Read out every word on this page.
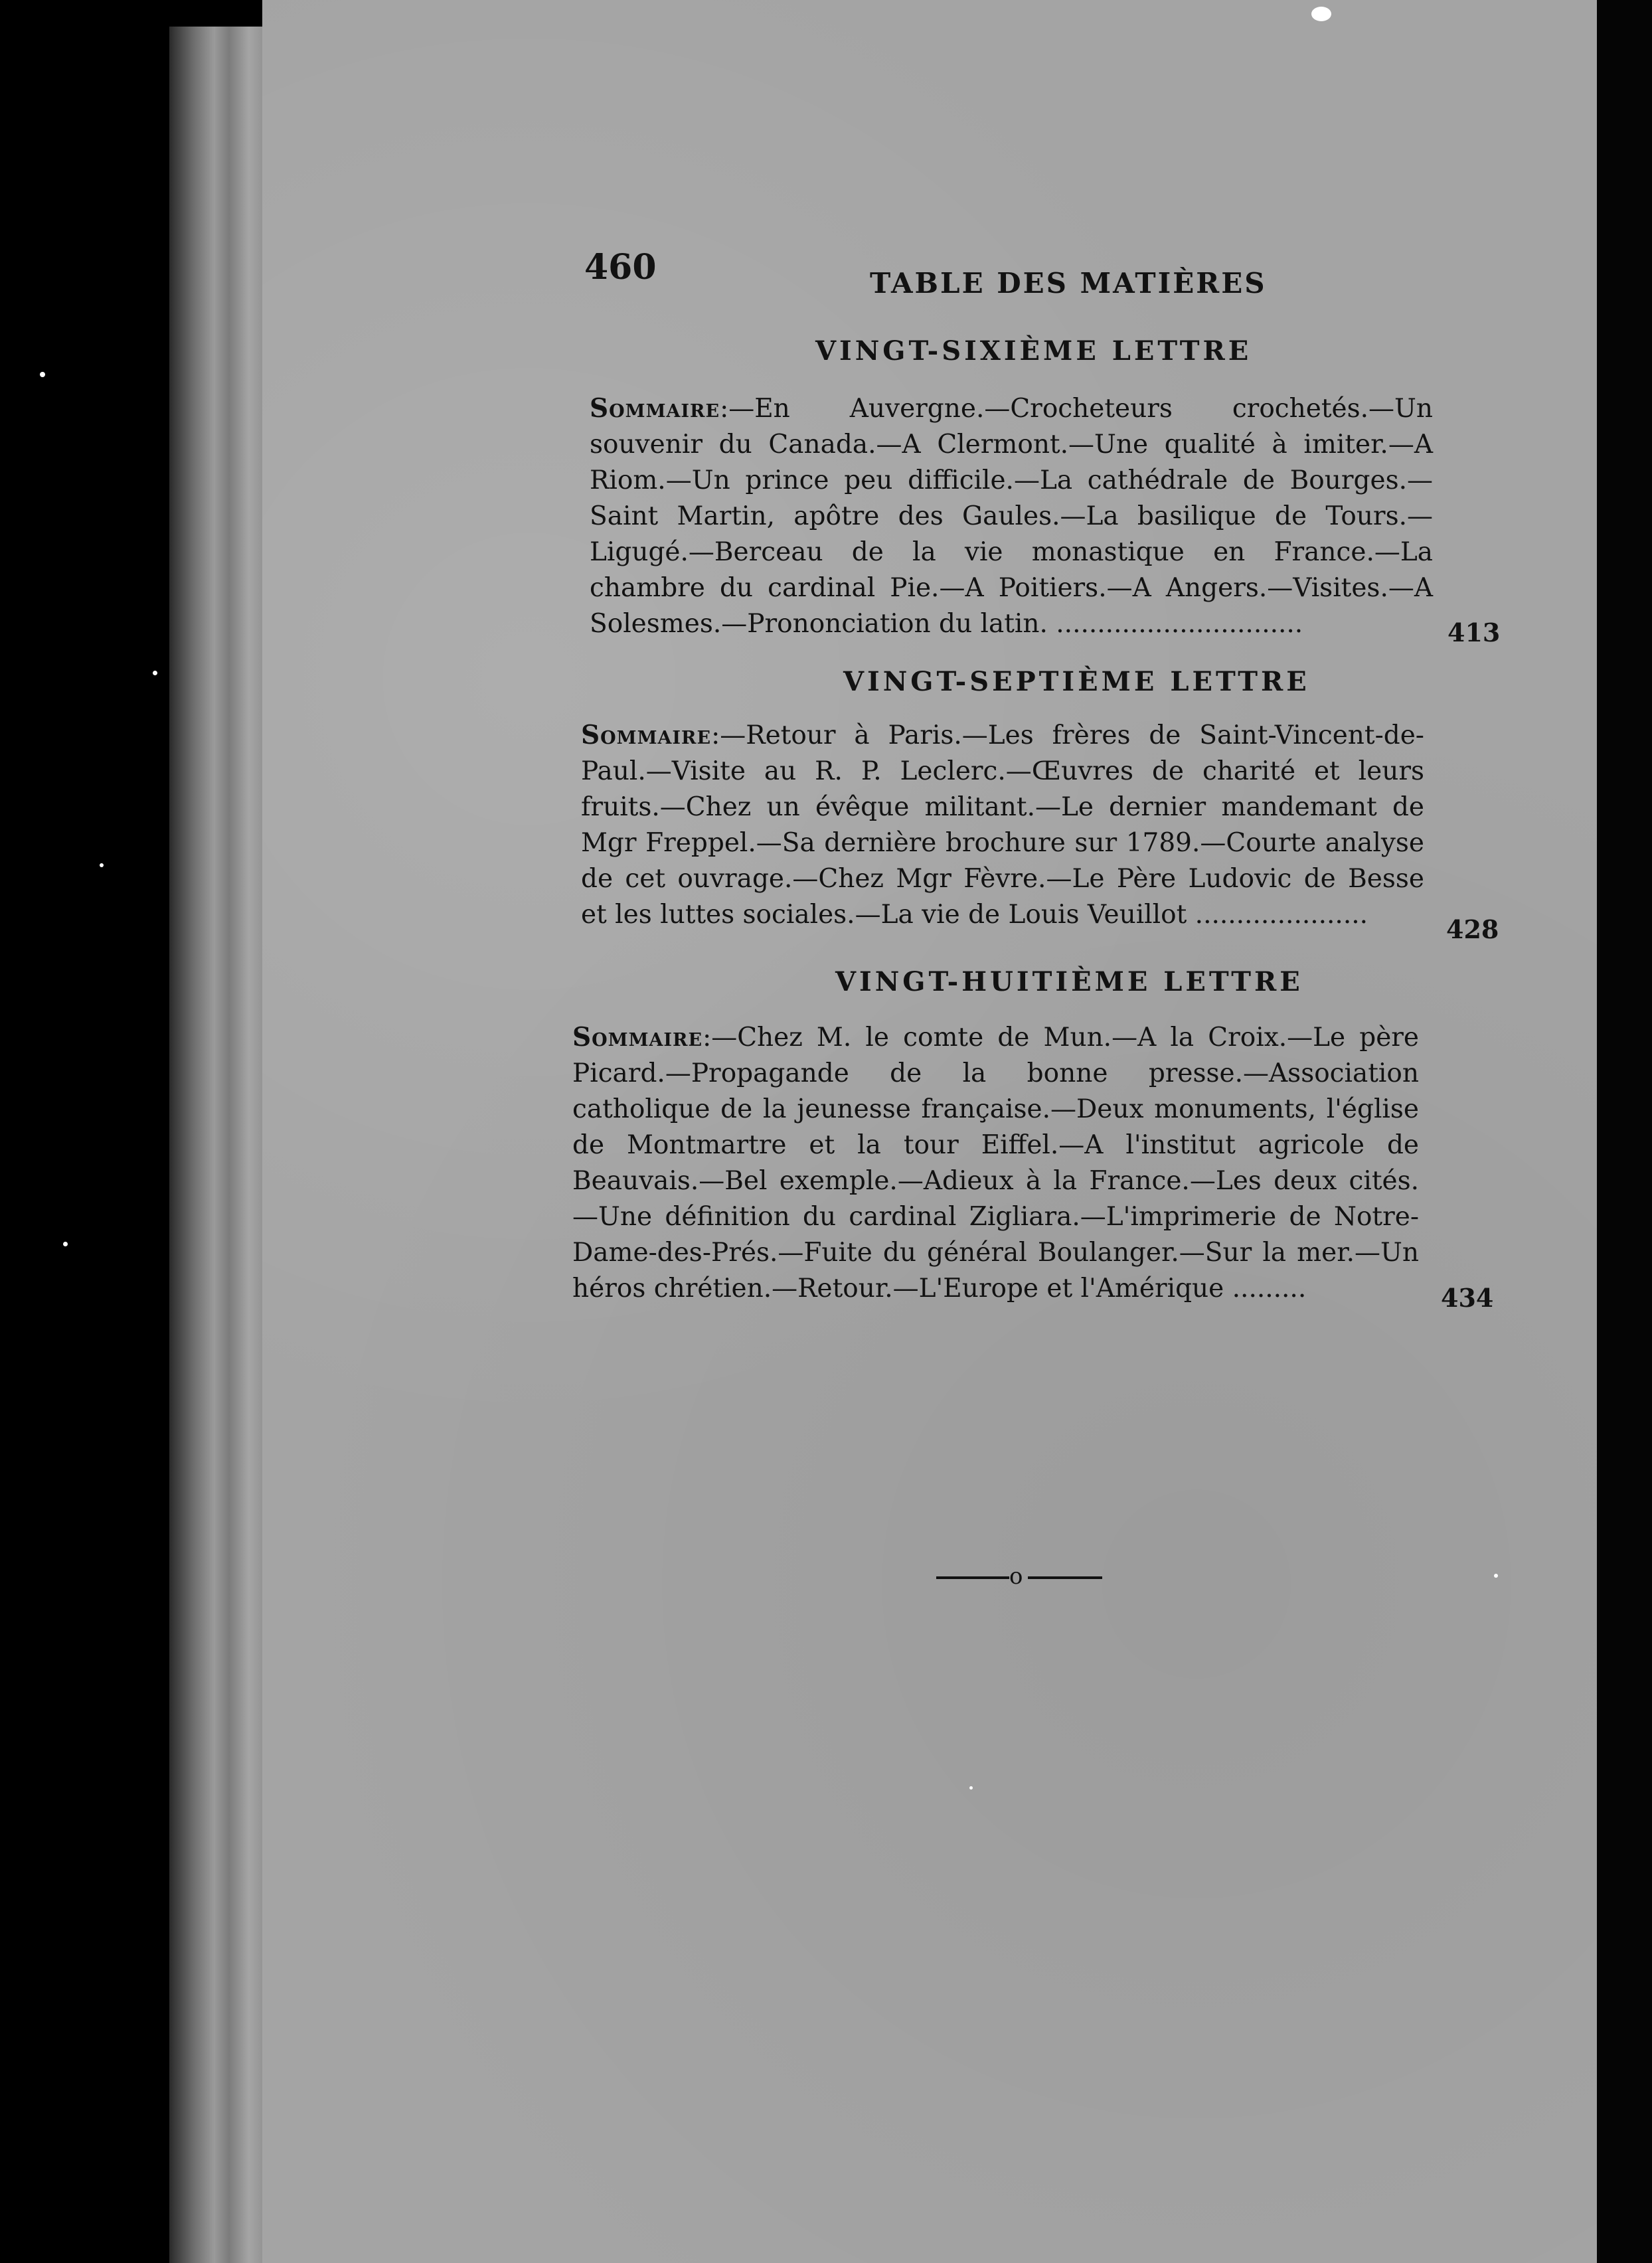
460	TABLE DES MATIÈRES
VINGT-SIXIÈME LETTRE
Sommaire:—En Auvergne.—Crocheteurs crochetés.—Un souvenir du Canada.—A Clermont.—Une qualité à imiter.—A Riom.—Un prince peu difficile.—La cathédrale de Bourges.—Saint Martin, apôtre des Gaules.—La basilique de Tours.—Ligugé.—Berceau de la vie monastique en France.—La chambre du cardinal Pie.—A Poitiers.—A Angers.—Visites.—A Solesmes.—Prononciation du latin. ..............................	413
VINGT-SEPTIÈME LETTRE
Sommaire:—Retour à Paris.—Les frères de Saint-Vincent-de-Paul.—Visite au R. P. Leclerc.—Œuvres de charité et leurs fruits.—Chez un évêque militant.—Le dernier mandemant de Mgr Freppel.—Sa dernière brochure sur 1789.—Courte analyse de cet ouvrage.—Chez Mgr Fèvre.—Le Père Ludovic de Besse et les luttes sociales.—La vie de Louis Veuillot .....................	428
VINGT-HUITIÈME LETTRE
Sommaire:—Chez M. le comte de Mun.—A la Croix.—Le père Picard.—Propagande de la bonne presse.—Association catholique de la jeunesse française.—Deux monuments, l'église de Montmartre et la tour Eiffel.—A l'institut agricole de Beauvais.—Bel exemple.—Adieux à la France.—Les deux cités.—Une définition du cardinal Zigliara.—L'imprimerie de Notre-Dame-des-Prés.—Fuite du général Boulanger.—Sur la mer.—Un héros chrétien.—Retour.—L'Europe et l'Amérique .........	434
o
